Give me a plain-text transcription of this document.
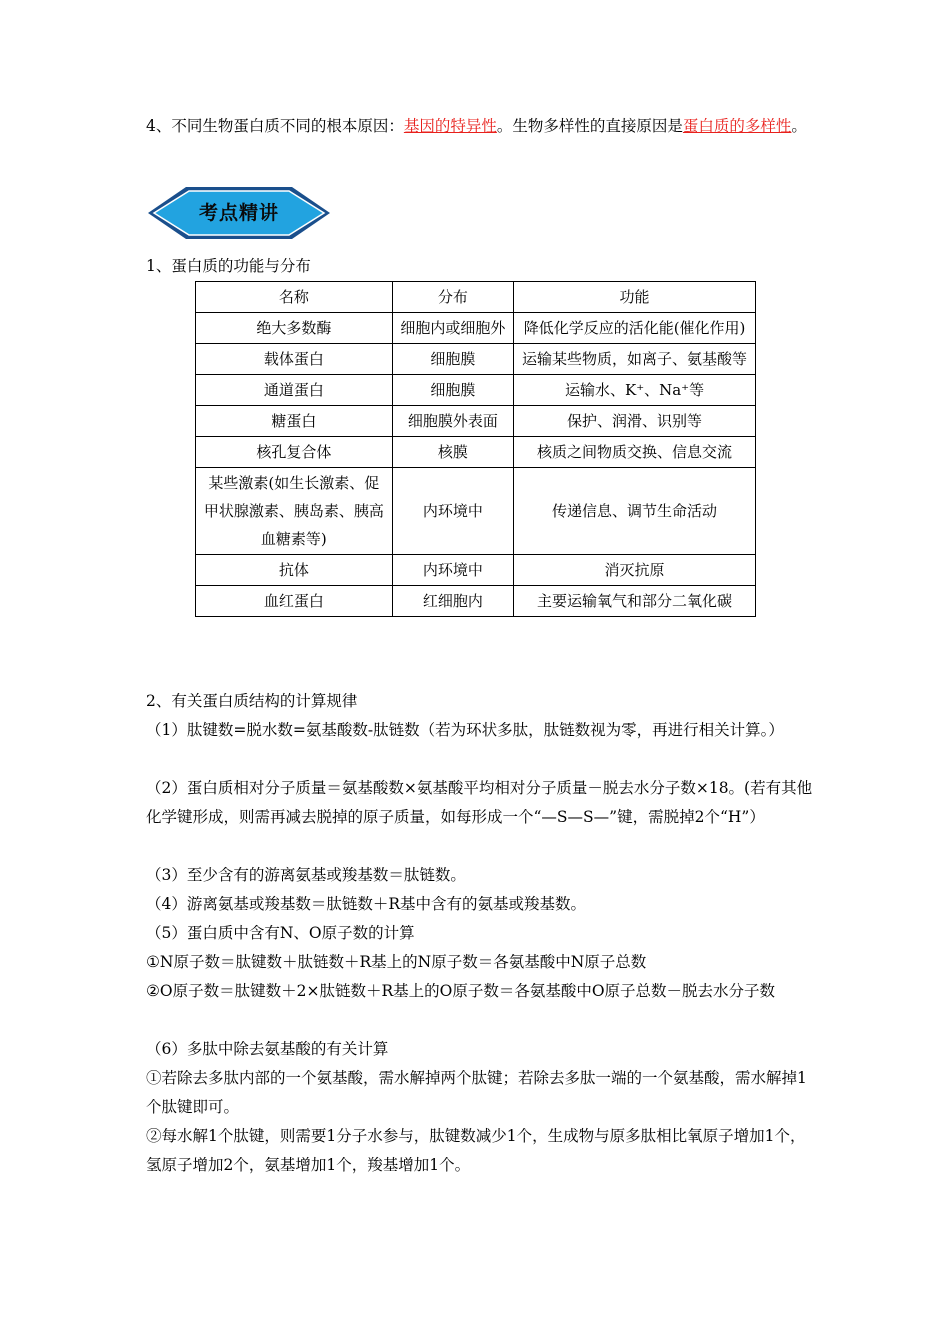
4、不同生物蛋白质不同的根本原因：基因的特异性。生物多样性的直接原因是蛋白质的多样性。
考点精讲
1、蛋白质的功能与分布
名称	分布	功能
绝大多数酶	细胞内或细胞外	降低化学反应的活化能(催化作用)
载体蛋白	细胞膜	运输某些物质，如离子、氨基酸等
通道蛋白	细胞膜	运输水、K⁺、Na⁺等
糖蛋白	细胞膜外表面	保护、润滑、识别等
核孔复合体	核膜	核质之间物质交换、信息交流
某些激素(如生长激素、促甲状腺激素、胰岛素、胰高血糖素等)	内环境中	传递信息、调节生命活动
抗体	内环境中	消灭抗原
血红蛋白	红细胞内	主要运输氧气和部分二氧化碳
2、有关蛋白质结构的计算规律
（1）肽键数=脱水数=氨基酸数-肽链数（若为环状多肽，肽链数视为零，再进行相关计算。）
（2）蛋白质相对分子质量＝氨基酸数×氨基酸平均相对分子质量－脱去水分子数×18。(若有其他化学键形成，则需再减去脱掉的原子质量，如每形成一个“—S—S—”键，需脱掉2个“H”）
（3）至少含有的游离氨基或羧基数＝肽链数。
（4）游离氨基或羧基数＝肽链数＋R基中含有的氨基或羧基数。
（5）蛋白质中含有N、O原子数的计算
①N原子数＝肽键数＋肽链数＋R基上的N原子数＝各氨基酸中N原子总数
②O原子数＝肽键数＋2×肽链数＋R基上的O原子数＝各氨基酸中O原子总数－脱去水分子数
（6）多肽中除去氨基酸的有关计算
①若除去多肽内部的一个氨基酸，需水解掉两个肽键；若除去多肽一端的一个氨基酸，需水解掉1个肽键即可。
②每水解1个肽键，则需要1分子水参与，肽键数减少1个，生成物与原多肽相比氧原子增加1个，氢原子增加2个，氨基增加1个，羧基增加1个。
